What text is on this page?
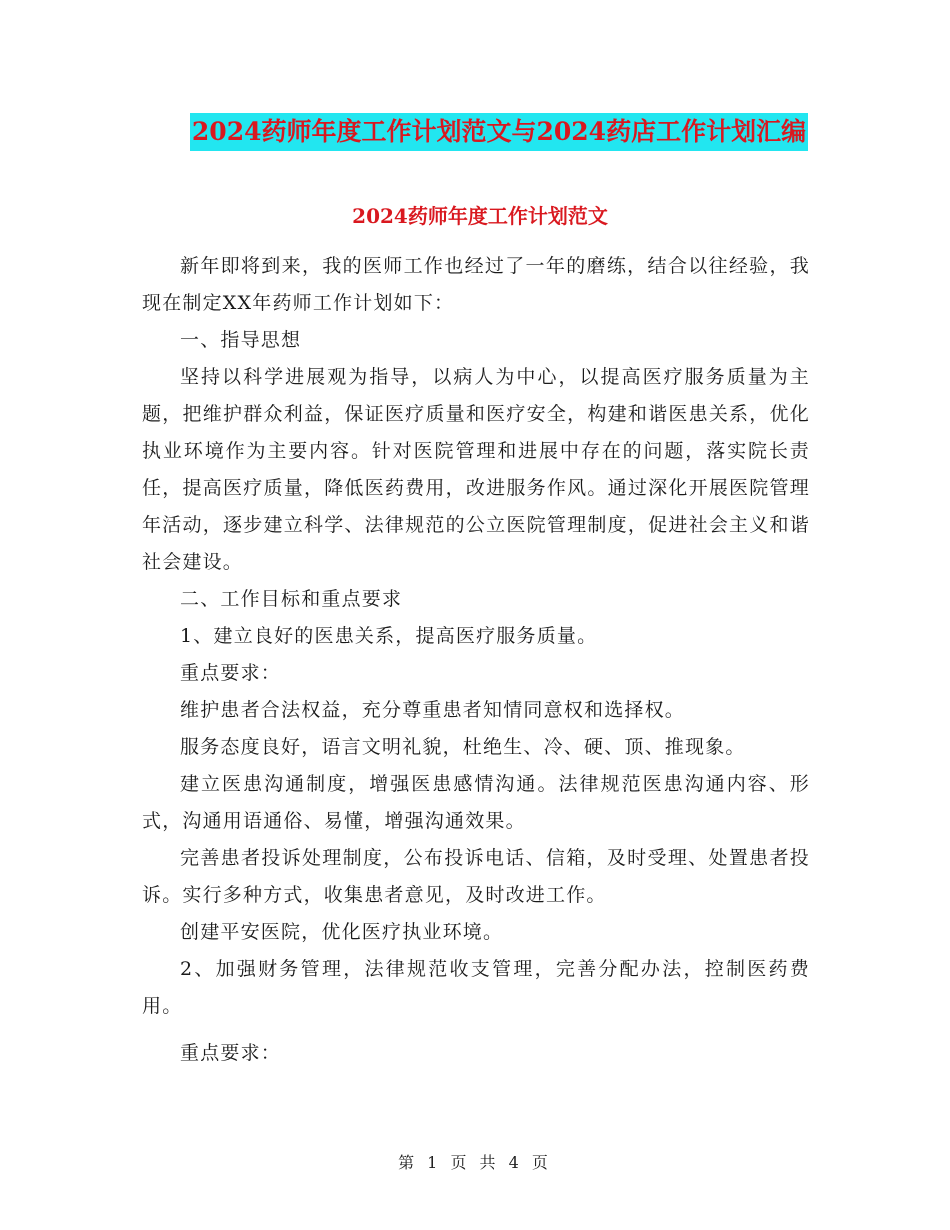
2024药师年度工作计划范文与2024药店工作计划汇编
2024药师年度工作计划范文

新年即将到来，我的医师工作也经过了一年的磨练，结合以往经验，我现在制定XX年药师工作计划如下：

一、指导思想

坚持以科学进展观为指导，以病人为中心，以提高医疗服务质量为主题，把维护群众利益，保证医疗质量和医疗安全，构建和谐医患关系，优化执业环境作为主要内容。针对医院管理和进展中存在的问题，落实院长责任，提高医疗质量，降低医药费用，改进服务作风。通过深化开展医院管理年活动，逐步建立科学、法律规范的公立医院管理制度，促进社会主义和谐社会建设。

二、工作目标和重点要求

1、建立良好的医患关系，提高医疗服务质量。

重点要求：

维护患者合法权益，充分尊重患者知情同意权和选择权。

服务态度良好，语言文明礼貌，杜绝生、冷、硬、顶、推现象。

建立医患沟通制度，增强医患感情沟通。法律规范医患沟通内容、形式，沟通用语通俗、易懂，增强沟通效果。

完善患者投诉处理制度，公布投诉电话、信箱，及时受理、处置患者投诉。实行多种方式，收集患者意见，及时改进工作。

创建平安医院，优化医疗执业环境。

2、加强财务管理，法律规范收支管理，完善分配办法，控制医药费用。

重点要求：

第 1 页 共 4 页
